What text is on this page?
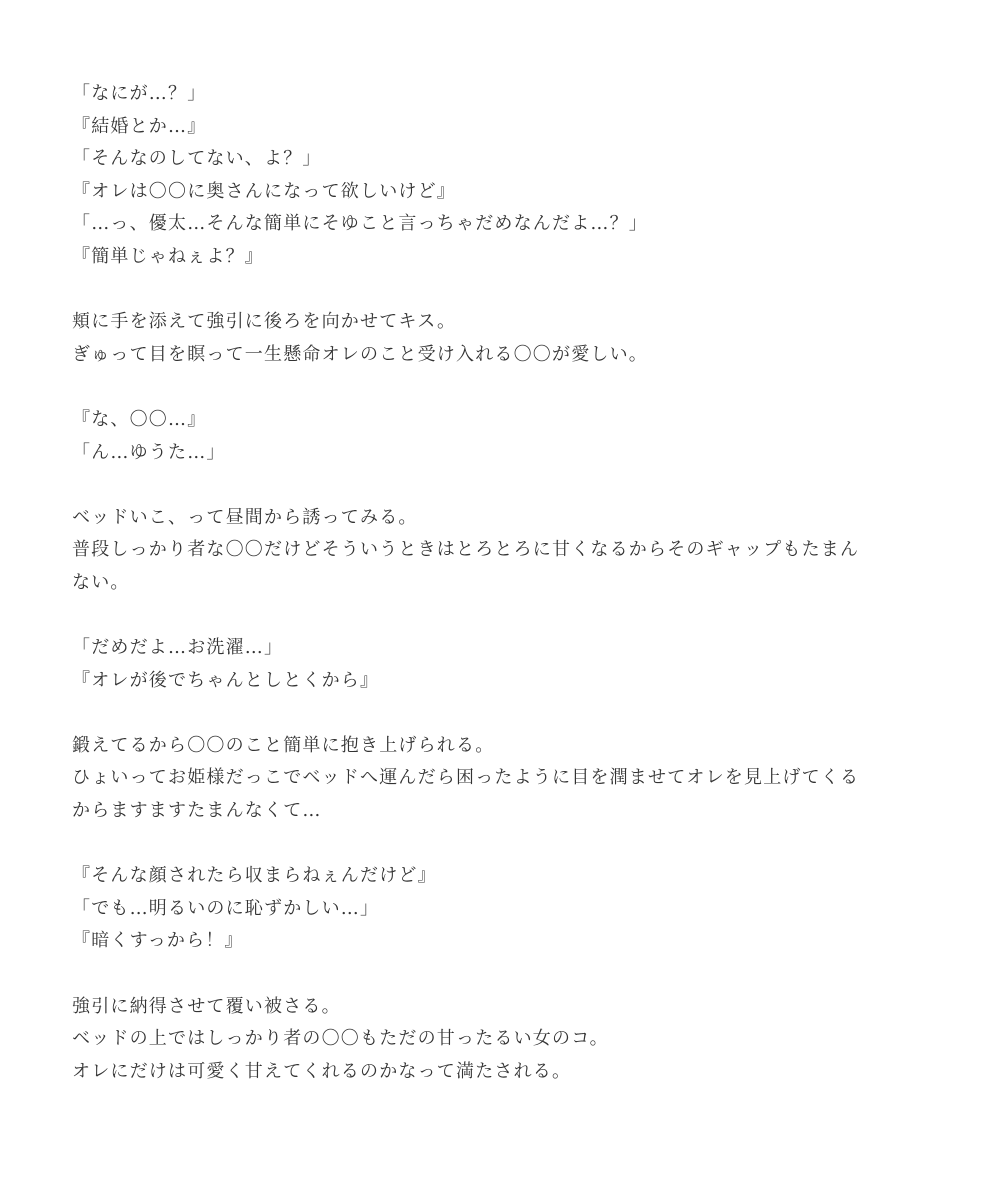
「なにが…？」
『結婚とか…』
「そんなのしてない、よ？」
『オレは〇〇に奥さんになって欲しいけど』
「…っ、優太…そんな簡単にそゆこと言っちゃだめなんだよ…？」
『簡単じゃねぇよ？』
頬に手を添えて強引に後ろを向かせてキス。
ぎゅって目を瞑って一生懸命オレのこと受け入れる〇〇が愛しい。
『な、〇〇…』
「ん…ゆうた…」
ベッドいこ、って昼間から誘ってみる。
普段しっかり者な〇〇だけどそういうときはとろとろに甘くなるからそのギャップもたまん
ない。
「だめだよ…お洗濯…」
『オレが後でちゃんとしとくから』
鍛えてるから〇〇のこと簡単に抱き上げられる。
ひょいってお姫様だっこでベッドへ運んだら困ったように目を潤ませてオレを見上げてくる
からますますたまんなくて…
『そんな顔されたら収まらねぇんだけど』
「でも…明るいのに恥ずかしい…」
『暗くすっから！』
強引に納得させて覆い被さる。
ベッドの上ではしっかり者の〇〇もただの甘ったるい女のコ。
オレにだけは可愛く甘えてくれるのかなって満たされる。
